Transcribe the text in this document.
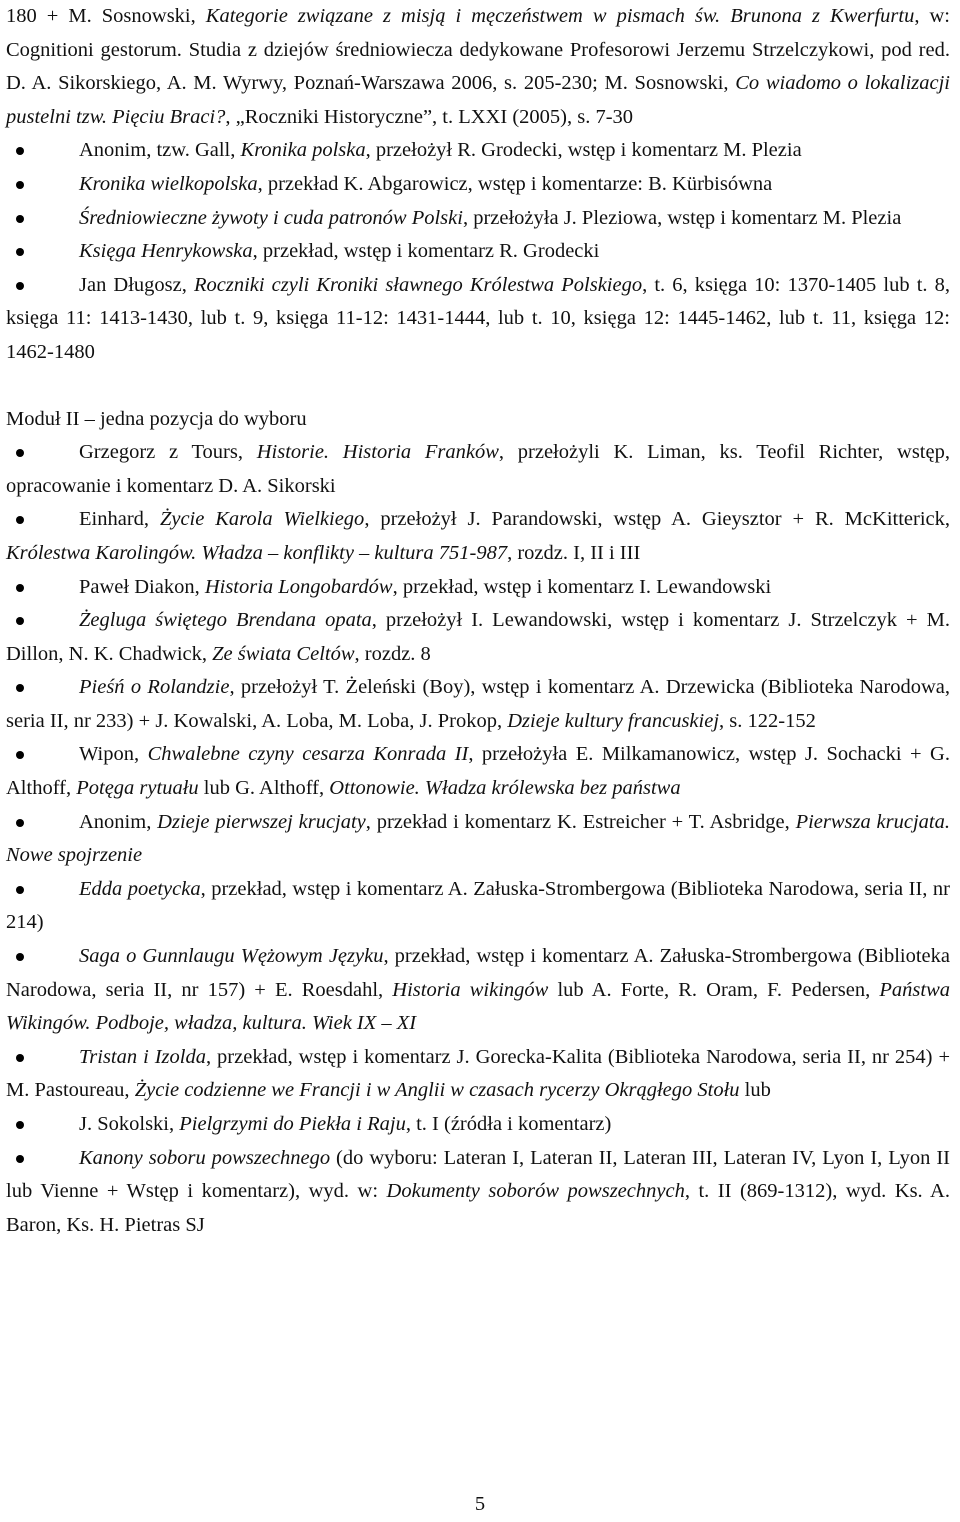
180 + M. Sosnowski, Kategorie związane z misją i męczeństwem w pismach św. Brunona z Kwerfurtu, w: Cognitioni gestorum. Studia z dziejów średniowiecza dedykowane Profesorowi Jerzemu Strzelczykowi, pod red. D. A. Sikorskiego, A. M. Wyrwy, Poznań-Warszawa 2006, s. 205-230; M. Sosnowski, Co wiadomo o lokalizacji pustelni tzw. Pięciu Braci?, „Roczniki Historyczne”, t. LXXI (2005), s. 7-30

Anonim, tzw. Gall, Kronika polska, przełożył R. Grodecki, wstęp i komentarz M. Plezia

Kronika wielkopolska, przekład K. Abgarowicz, wstęp i komentarze: B. Kürbisówna

Średniowieczne żywoty i cuda patronów Polski, przełożyła J. Pleziowa, wstęp i komentarz M. Plezia

Księga Henrykowska, przekład, wstęp i komentarz R. Grodecki

Jan Długosz, Roczniki czyli Kroniki sławnego Królestwa Polskiego, t. 6, księga 10: 1370-1405 lub t. 8, księga 11: 1413-1430, lub t. 9, księga 11-12: 1431-1444, lub t. 10, księga 12: 1445-1462, lub t. 11, księga 12: 1462-1480

Moduł II – jedna pozycja do wyboru

Grzegorz z Tours, Historie. Historia Franków, przełożyli K. Liman, ks. Teofil Richter, wstęp, opracowanie i komentarz D. A. Sikorski

Einhard, Życie Karola Wielkiego, przełożył J. Parandowski, wstęp A. Gieysztor + R. McKitterick, Królestwa Karolingów. Władza – konflikty – kultura 751-987, rozdz. I, II i III

Paweł Diakon, Historia Longobardów, przekład, wstęp i komentarz I. Lewandowski

Żegluga świętego Brendana opata, przełożył I. Lewandowski, wstęp i komentarz J. Strzelczyk + M. Dillon, N. K. Chadwick, Ze świata Celtów, rozdz. 8

Pieśń o Rolandzie, przełożył T. Żeleński (Boy), wstęp i komentarz A. Drzewicka (Biblioteka Narodowa, seria II, nr 233) + J. Kowalski, A. Loba, M. Loba, J. Prokop, Dzieje kultury francuskiej, s. 122-152

Wipon, Chwalebne czyny cesarza Konrada II, przełożyła E. Milkamanowicz, wstęp J. Sochacki + G. Althoff, Potęga rytuału lub G. Althoff, Ottonowie. Władza królewska bez państwa

Anonim, Dzieje pierwszej krucjaty, przekład i komentarz K. Estreicher + T. Asbridge, Pierwsza krucjata. Nowe spojrzenie

Edda poetycka, przekład, wstęp i komentarz A. Załuska-Strombergowa (Biblioteka Narodowa, seria II, nr 214)

Saga o Gunnlaugu Wężowym Języku, przekład, wstęp i komentarz A. Załuska-Strombergowa (Biblioteka Narodowa, seria II, nr 157) + E. Roesdahl, Historia wikingów lub A. Forte, R. Oram, F. Pedersen, Państwa Wikingów. Podboje, władza, kultura. Wiek IX – XI

Tristan i Izolda, przekład, wstęp i komentarz J. Gorecka-Kalita (Biblioteka Narodowa, seria II, nr 254) + M. Pastoureau, Życie codzienne we Francji i w Anglii w czasach rycerzy Okrągłego Stołu lub

J. Sokolski, Pielgrzymi do Piekła i Raju, t. I (źródła i komentarz)

Kanony soboru powszechnego (do wyboru: Lateran I, Lateran II, Lateran III, Lateran IV, Lyon I, Lyon II lub Vienne + Wstęp i komentarz), wyd. w: Dokumenty soborów powszechnych, t. II (869-1312), wyd. Ks. A. Baron, Ks. H. Pietras SJ

5
